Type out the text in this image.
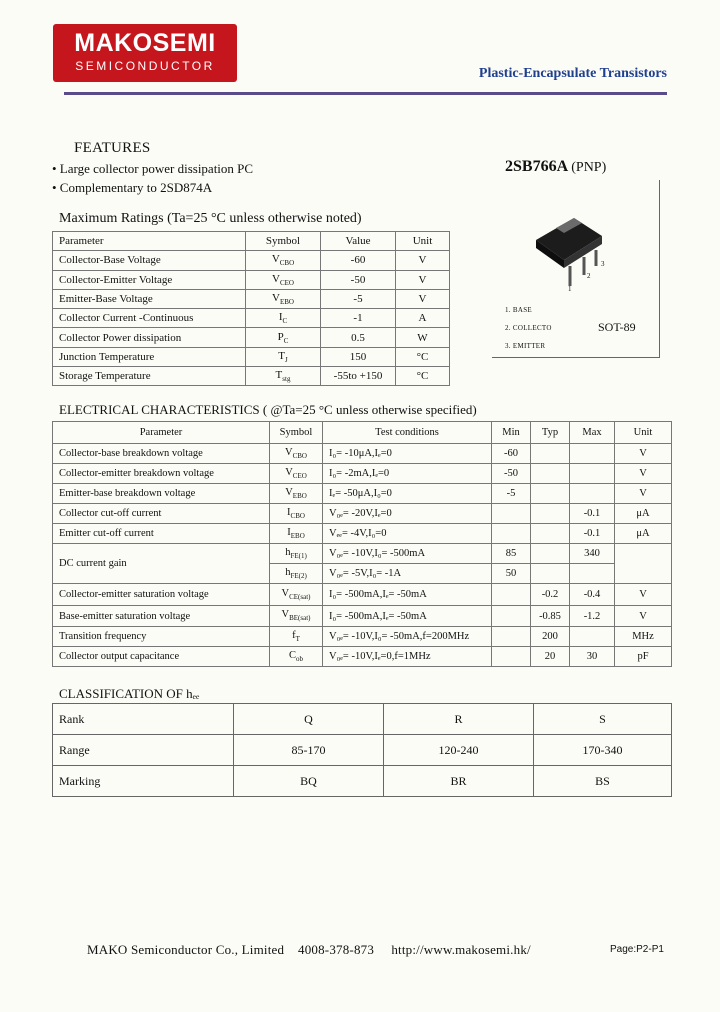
MAKOSEMI
SEMICONDUCTOR	Plastic-Encapsulate Transistors
FEATURES
• Large collector power dissipation PC
• Complementary to 2SD874A
2SB766A (PNP)
Maximum Ratings (Ta=25 °C unless otherwise noted)
Parameter	Symbol	Value	Unit
Collector-Base Voltage	$V_{CBO}$	-60	V
Collector-Emitter Voltage	$V_{CEO}$	-50	V
Emitter-Base Voltage	$V_{EBO}$	-5	V
Collector Current -Continuous	$I_C$	-1	A
Collector Power dissipation	$P_C$	0.5	W
Junction Temperature	$T_J$	150	°C
Storage Temperature	$T_{stg}$	-55to +150	°C
1
2
3
1. BASE
2. COLLECTO
3. EMITTER
SOT-89
ELECTRICAL CHARACTERISTICS ( @Ta=25 °C unless otherwise specified)
Parameter	Symbol	Test conditions	Min	Typ	Max	Unit
Collector-base breakdown voltage	$V_{CBO}$	I₀= -10μA,Iₑ=0	-60			V
Collector-emitter breakdown voltage	$V_{CEO}$	I₀= -2mA,Iₑ=0	-50			V
Emitter-base breakdown voltage	$V_{EBO}$	Iₑ= -50μA,I₀=0	-5			V
Collector cut-off current	$I_{CBO}$	V₀ₑ= -20V,Iₑ=0			-0.1	μA
Emitter cut-off current	$I_{EBO}$	Vₑₑ= -4V,I₀=0			-0.1	μA
DC current gain	$h_{FE(1)}$	V₀ₑ= -10V,I₀= -500mA	85		340	
	$h_{FE(2)}$	V₀ₑ= -5V,I₀= -1A	50			
Collector-emitter saturation voltage	$V_{CE(sat)}$	I₀= -500mA,Iₑ= -50mA		-0.2	-0.4	V
Base-emitter saturation voltage	$V_{BE(sat)}$	I₀= -500mA,Iₑ= -50mA		-0.85	-1.2	V
Transition frequency	$f_T$	V₀ₑ= -10V,I₀= -50mA,f=200MHz		200		MHz
Collector output capacitance	$C_{ob}$	V₀ₑ= -10V,Iₑ=0,f=1MHz		20	30	pF
CLASSIFICATION OF hₑₑ
Rank	Q	R	S
Range	85-170	120-240	170-340
Marking	BQ	BR	BS
MAKO Semiconductor Co., Limited    4008-378-873     http://www.makosemi.hk/	Page:P2-P1
